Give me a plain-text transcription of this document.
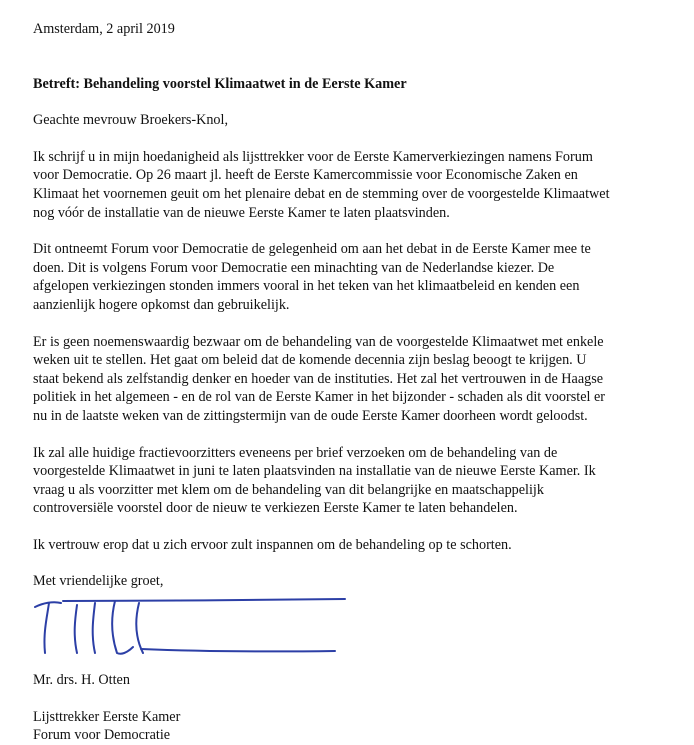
Amsterdam, 2 april 2019

Betreft: Behandeling voorstel Klimaatwet in de Eerste Kamer

Geachte mevrouw Broekers-Knol,

Ik schrijf u in mijn hoedanigheid als lijsttrekker voor de Eerste Kamerverkiezingen namens Forum
voor Democratie. Op 26 maart jl. heeft de Eerste Kamercommissie voor Economische Zaken en
Klimaat het voornemen geuit om het plenaire debat en de stemming over de voorgestelde Klimaatwet
nog vóór de installatie van de nieuwe Eerste Kamer te laten plaatsvinden.

Dit ontneemt Forum voor Democratie de gelegenheid om aan het debat in de Eerste Kamer mee te
doen. Dit is volgens Forum voor Democratie een minachting van de Nederlandse kiezer. De
afgelopen verkiezingen stonden immers vooral in het teken van het klimaatbeleid en kenden een
aanzienlijk hogere opkomst dan gebruikelijk.

Er is geen noemenswaardig bezwaar om de behandeling van de voorgestelde Klimaatwet met enkele
weken uit te stellen. Het gaat om beleid dat de komende decennia zijn beslag beoogt te krijgen. U
staat bekend als zelfstandig denker en hoeder van de instituties. Het zal het vertrouwen in de Haagse
politiek in het algemeen - en de rol van de Eerste Kamer in het bijzonder - schaden als dit voorstel er
nu in de laatste weken van de zittingstermijn van de oude Eerste Kamer doorheen wordt geloodst.

Ik zal alle huidige fractievoorzitters eveneens per brief verzoeken om de behandeling van de
voorgestelde Klimaatwet in juni te laten plaatsvinden na installatie van de nieuwe Eerste Kamer. Ik
vraag u als voorzitter met klem om de behandeling van dit belangrijke en maatschappelijk
controversiële voorstel door de nieuw te verkiezen Eerste Kamer te laten behandelen.

Ik vertrouw erop dat u zich ervoor zult inspannen om de behandeling op te schorten.

Met vriendelijke groet,

Mr. drs. H. Otten

Lijsttrekker Eerste Kamer

Forum voor Democratie
